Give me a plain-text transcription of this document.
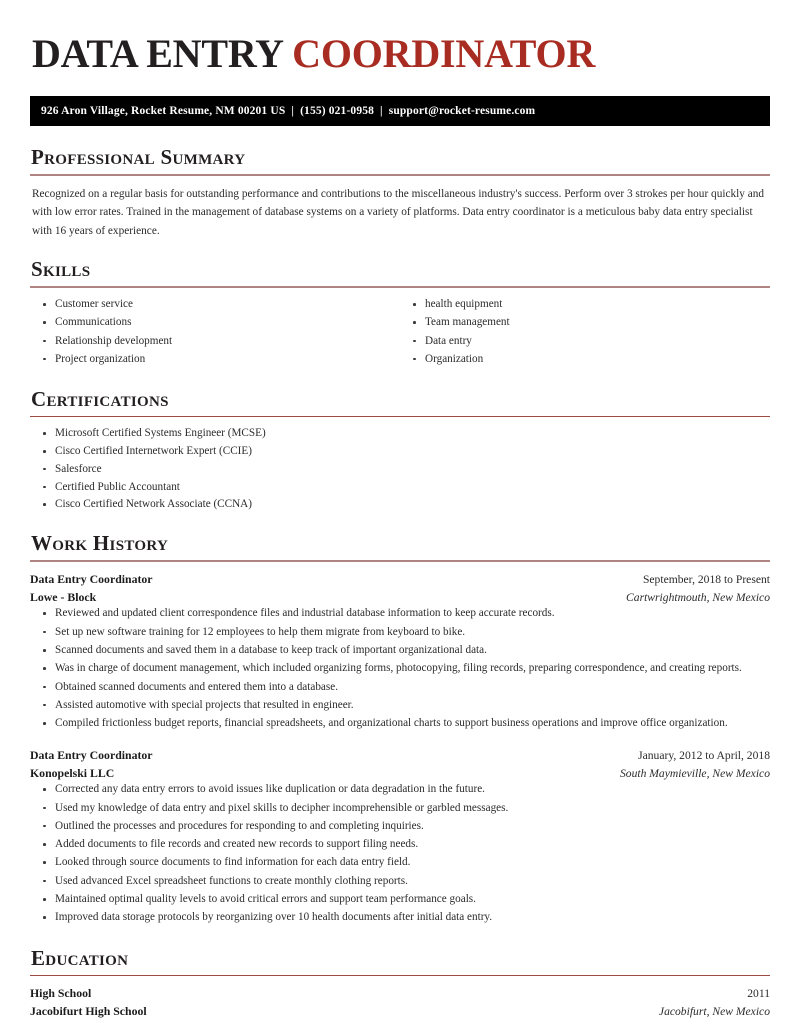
DATA ENTRY COORDINATOR
926 Aron Village, Rocket Resume, NM 00201 US | (155) 021-0958 | support@rocket-resume.com
Professional Summary

Recognized on a regular basis for outstanding performance and contributions to the miscellaneous industry's success. Perform over 3 strokes per hour quickly and with low error rates. Trained in the management of database systems on a variety of platforms. Data entry coordinator is a meticulous baby data entry specialist with 16 years of experience.

Skills
Customer service
Communications
Relationship development
Project organization
health equipment
Team management
Data entry
Organization
Certifications
Microsoft Certified Systems Engineer (MCSE)
Cisco Certified Internetwork Expert (CCIE)
Salesforce
Certified Public Accountant
Cisco Certified Network Associate (CCNA)
Work History
Data Entry Coordinator	September, 2018 to Present
Lowe - Block	Cartwrightmouth, New Mexico
Reviewed and updated client correspondence files and industrial database information to keep accurate records.
Set up new software training for 12 employees to help them migrate from keyboard to bike.
Scanned documents and saved them in a database to keep track of important organizational data.
Was in charge of document management, which included organizing forms, photocopying, filing records, preparing correspondence, and creating reports.
Obtained scanned documents and entered them into a database.
Assisted automotive with special projects that resulted in engineer.
Compiled frictionless budget reports, financial spreadsheets, and organizational charts to support business operations and improve office organization.
Data Entry Coordinator	January, 2012 to April, 2018
Konopelski LLC	South Maymieville, New Mexico
Corrected any data entry errors to avoid issues like duplication or data degradation in the future.
Used my knowledge of data entry and pixel skills to decipher incomprehensible or garbled messages.
Outlined the processes and procedures for responding to and completing inquiries.
Added documents to file records and created new records to support filing needs.
Looked through source documents to find information for each data entry field.
Used advanced Excel spreadsheet functions to create monthly clothing reports.
Maintained optimal quality levels to avoid critical errors and support team performance goals.
Improved data storage protocols by reorganizing over 10 health documents after initial data entry.
Education
High School	2011
Jacobifurt High School	Jacobifurt, New Mexico
